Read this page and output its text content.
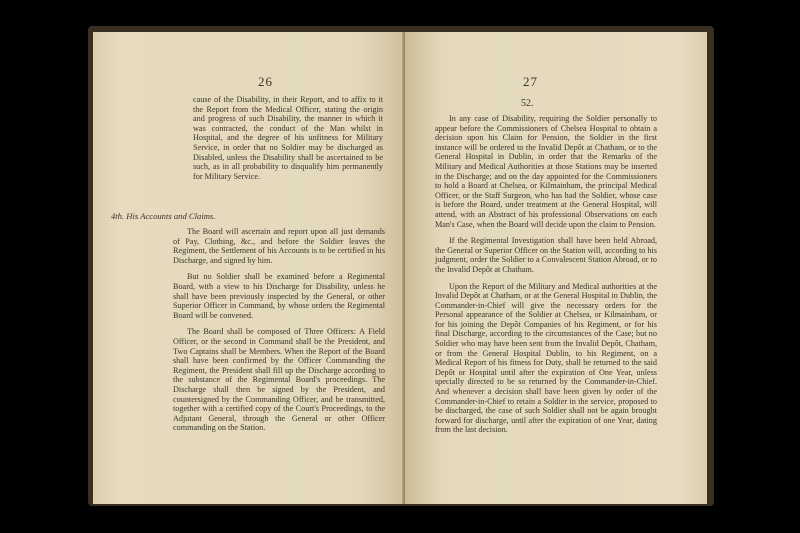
26

cause of the Disability, in their Report, and to affix to it the Report from the Medical Officer, stating the origin and progress of such Disability, the manner in which it was contracted, the conduct of the Man whilst in Hospital, and the degree of his unfitness for Military Service, in order that no Soldier may be discharged as Disabled, unless the Disability shall be ascertained to be such, as in all probability to disqualify him permanently for Military Service.

4th. His Accounts and Claims.

The Board will ascertain and report upon all just demands of Pay, Clothing, &c., and before the Soldier leaves the Regiment, the Settlement of his Accounts is to be certified in his Discharge, and signed by him.

But no Soldier shall be examined before a Regimental Board, with a view to his Discharge for Disability, unless he shall have been previously inspected by the General, or other Superior Officer in Command, by whose orders the Regimental Board will be convened.

The Board shall be composed of Three Officers: A Field Officer, or the second in Command shall be the President, and Two Captains shall be Members. When the Report of the Board shall have been confirmed by the Officer Commanding the Regiment, the President shall fill up the Discharge according to the substance of the Regimental Board's proceedings. The Discharge shall then be signed by the President, and countersigned by the Commanding Officer, and be transmitted, together with a certified copy of the Court's Proceedings, to the Adjutant General, through the General or other Officer commanding on the Station.

27
52.

In any case of Disability, requiring the Soldier personally to appear before the Commissioners of Chelsea Hospital to obtain a decision upon his Claim for Pension, the Soldier in the first instance will be ordered to the Invalid Depôt at Chatham, or to the General Hospital in Dublin, in order that the Remarks of the Military and Medical Authorities at those Stations may be inserted in the Discharge; and on the day appointed for the Commissioners to hold a Board at Chelsea, or Kilmainham, the principal Medical Officer, or the Staff Surgeon, who has had the Soldier, whose case is before the Board, under treatment at the General Hospital, will attend, with an Abstract of his professional Observations on each Man's Case, when the Board will decide upon the claim to Pension.

If the Regimental Investigation shall have been held Abroad, the General or Superior Officer on the Station will, according to his judgment, order the Soldier to a Convalescent Station Abroad, or to the Invalid Depôt at Chatham.

Upon the Report of the Military and Medical authorities at the Invalid Depôt at Chatham, or at the General Hospital in Dublin, the Commander-in-Chief will give the necessary orders for the Personal appearance of the Soldier at Chelsea, or Kilmainham, or for his joining the Depôt Companies of his Regiment, or for his final Discharge, according to the circumstances of the Case; but no Soldier who may have been sent from the Invalid Depôt, Chatham, or from the General Hospital Dublin, to his Regiment, on a Medical Report of his fitness for Duty, shall be returned to the said Depôt or Hospital until after the expiration of One Year, unless specially directed to be so returned by the Commander-in-Chief. And whenever a decision shall have been given by order of the Commander-in-Chief to retain a Soldier in the service, proposed to be discharged, the case of such Soldier shall not be again brought forward for discharge, until after the expiration of one Year, dating from the last decision.
